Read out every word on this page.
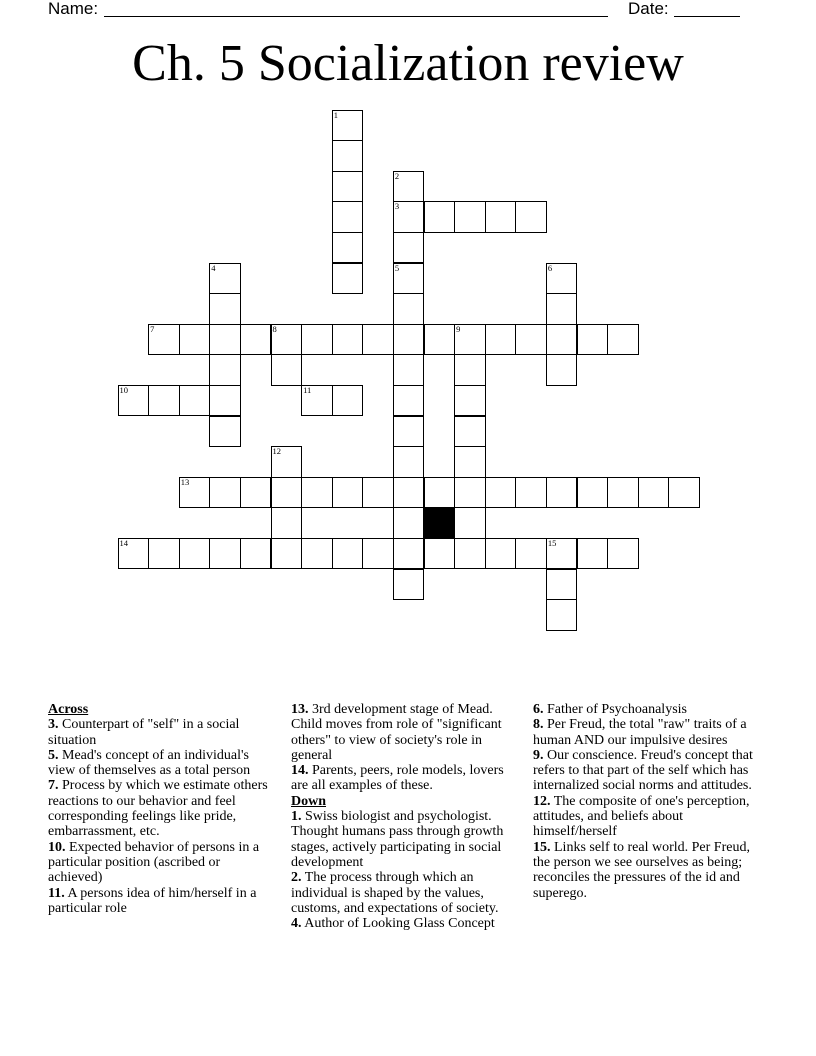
Name:	Date:
Ch. 5 Socialization review
1
2
3
5
4	6
7	8	9
10	11
12
13
14	15

Across

3. Counterpart of "self" in a social situation

5. Mead's concept of an individual's view of themselves as a total person

7. Process by which we estimate others reactions to our behavior and feel corresponding feelings like pride, embarrassment, etc.

10. Expected behavior of persons in a particular position (ascribed or achieved)

11. A persons idea of him/herself in a particular role

13. 3rd development stage of Mead. Child moves from role of "significant others" to view of society's role in general

14. Parents, peers, role models, lovers are all examples of these.

Down

1. Swiss biologist and psychologist. Thought humans pass through growth stages, actively participating in social development

2. The process through which an individual is shaped by the values, customs, and expectations of society.

4. Author of Looking Glass Concept

6. Father of Psychoanalysis

8. Per Freud, the total "raw" traits of a human AND our impulsive desires

9. Our conscience. Freud's concept that refers to that part of the self which has internalized social norms and attitudes.

12. The composite of one's perception, attitudes, and beliefs about himself/herself

15. Links self to real world. Per Freud, the person we see ourselves as being; reconciles the pressures of the id and superego.
